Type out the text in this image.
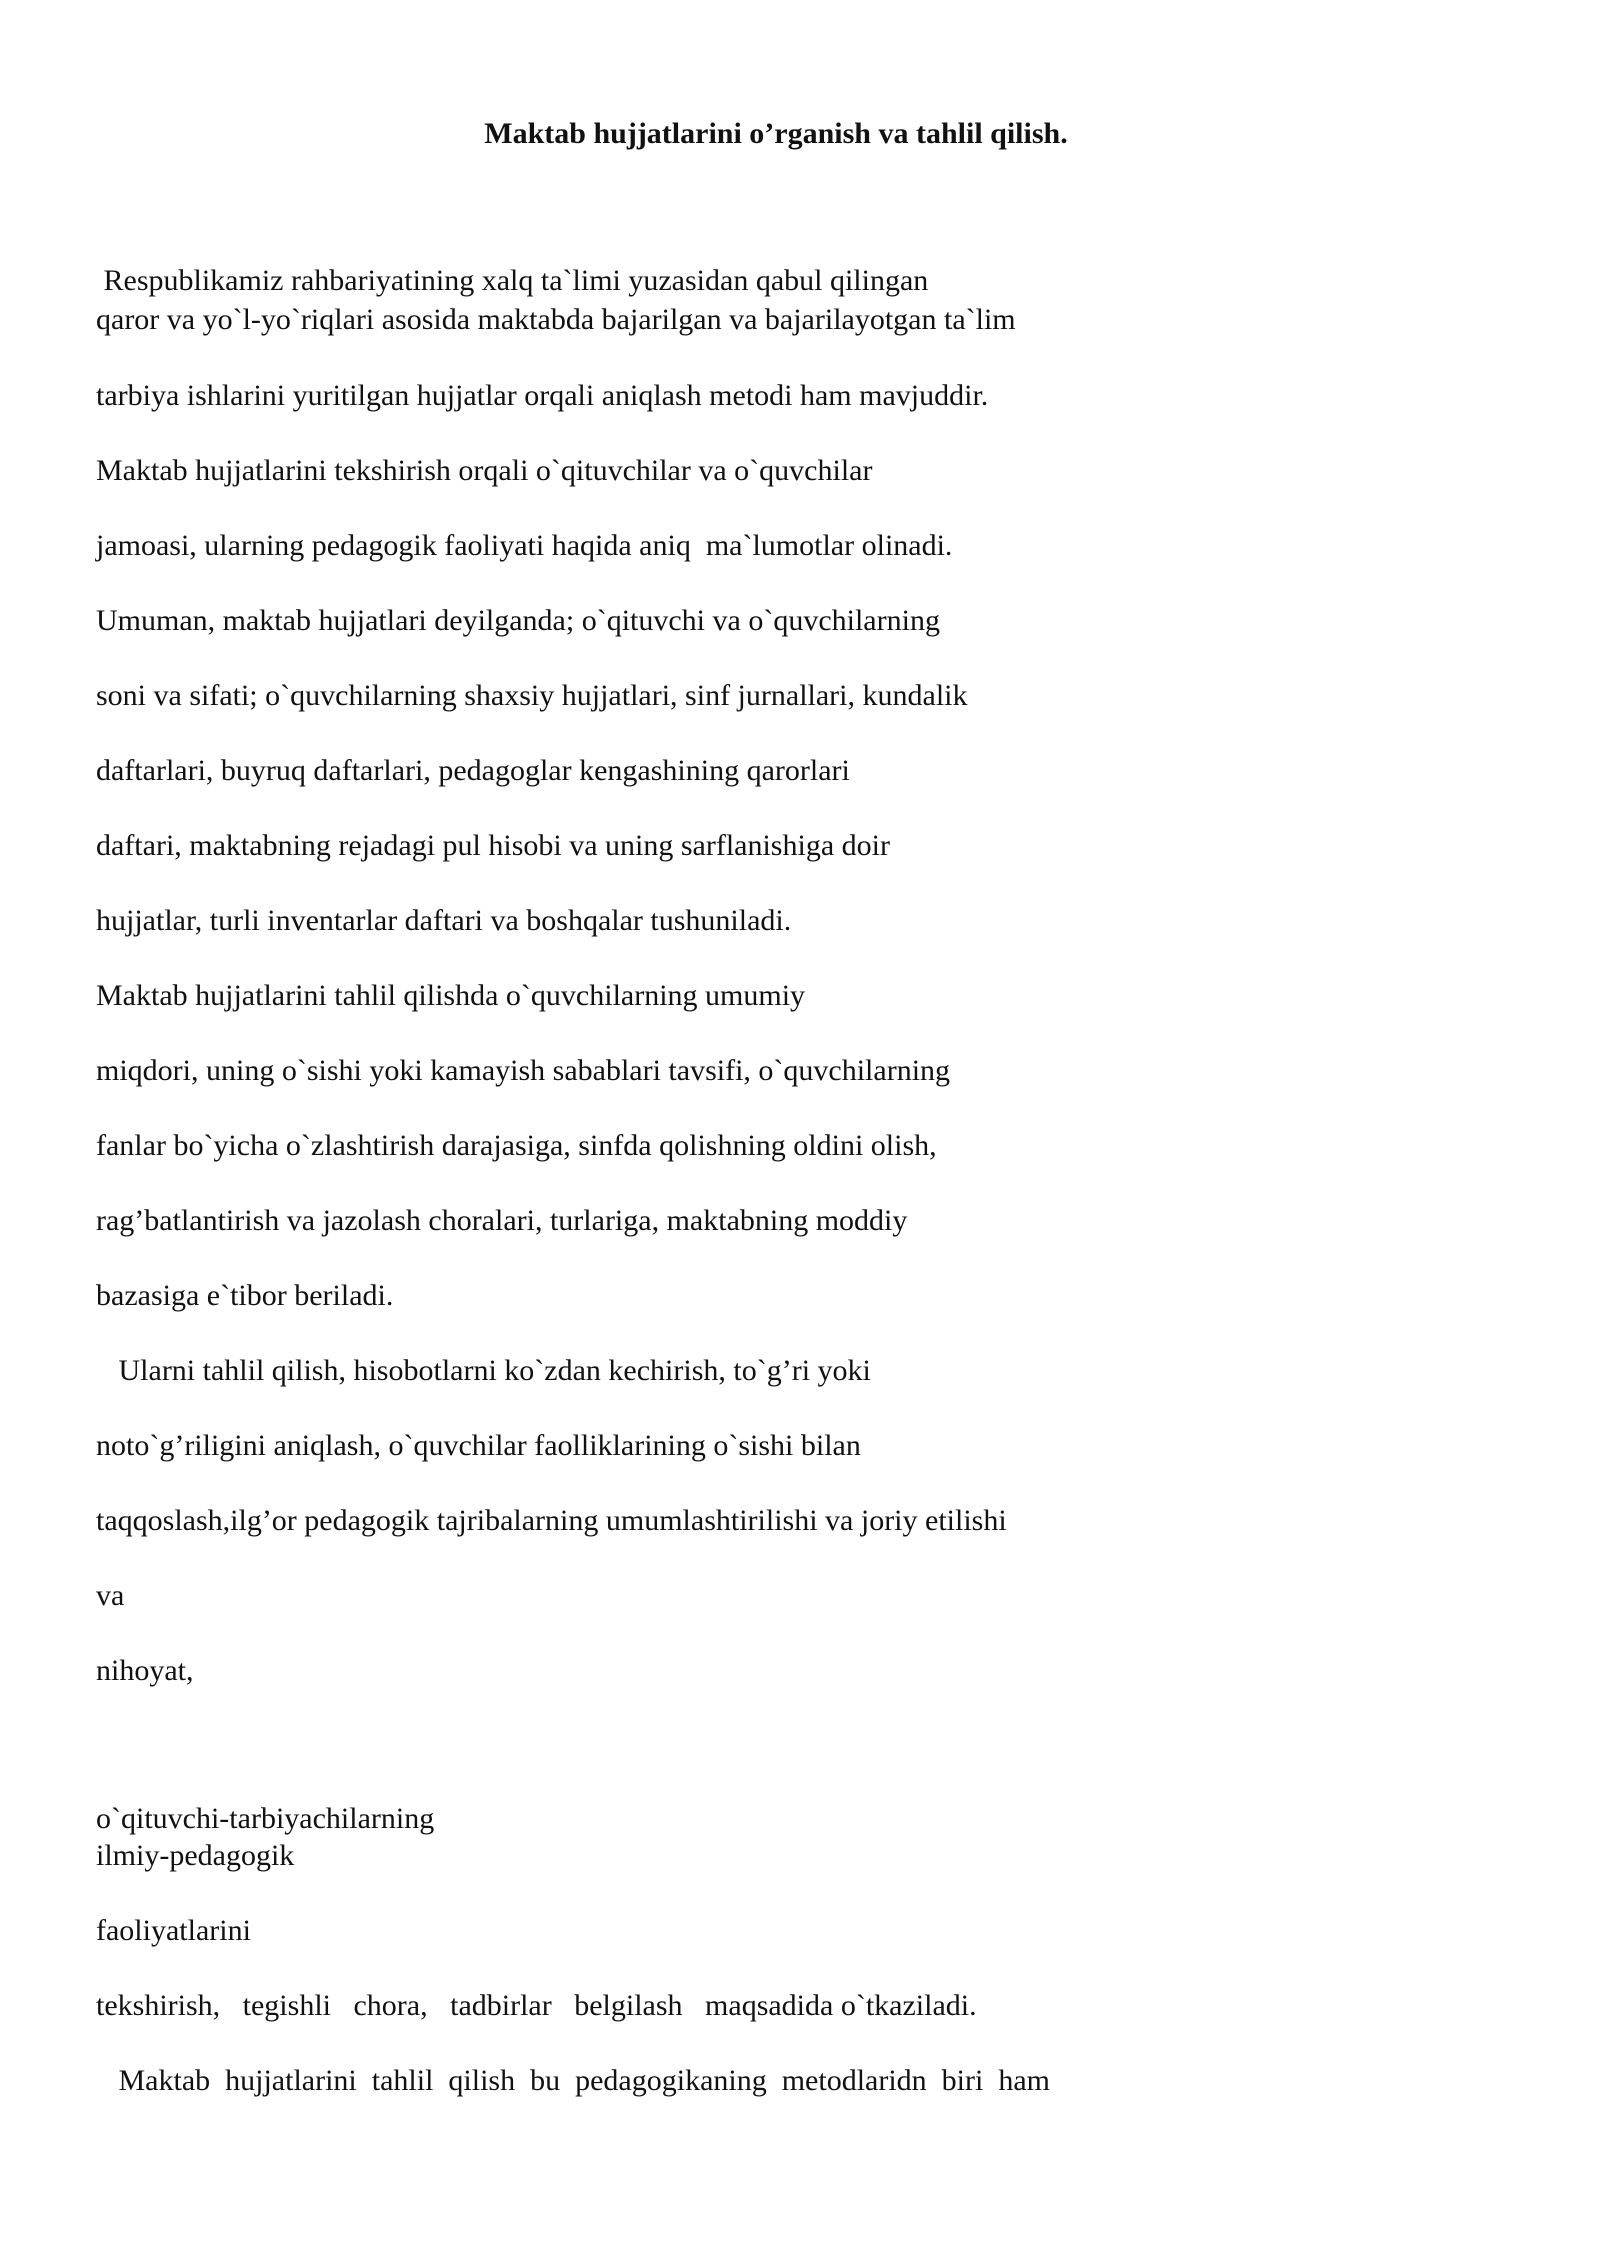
Maktab hujjatlarini o’rganish va tahlil qilish.
Respublikamiz rahbariyatining xalq ta`limi yuzasidan qabul qilingan
qaror va yo`l-yo`riqlari asosida maktabda bajarilgan va bajarilayotgan ta`lim
tarbiya ishlarini yuritilgan hujjatlar orqali aniqlash metodi ham mavjuddir.
Maktab hujjatlarini tekshirish orqali o`qituvchilar va o`quvchilar
jamoasi, ularning pedagogik faoliyati haqida aniq  ma`lumotlar olinadi.
Umuman, maktab hujjatlari deyilganda; o`qituvchi va o`quvchilarning
soni va sifati; o`quvchilarning shaxsiy hujjatlari, sinf jurnallari, kundalik
daftarlari, buyruq daftarlari, pedagoglar kengashining qarorlari
daftari, maktabning rejadagi pul hisobi va uning sarflanishiga doir
hujjatlar, turli inventarlar daftari va boshqalar tushuniladi.
Maktab hujjatlarini tahlil qilishda o`quvchilarning umumiy
miqdori, uning o`sishi yoki kamayish sabablari tavsifi, o`quvchilarning
fanlar bo`yicha o`zlashtirish darajasiga, sinfda qolishning oldini olish,
rag’batlantirish va jazolash choralari, turlariga, maktabning moddiy
bazasiga e`tibor beriladi.
Ularni tahlil qilish, hisobotlarni ko`zdan kechirish, to`g’ri yoki
noto`g’riligini aniqlash, o`quvchilar faolliklarining o`sishi bilan
taqqoslash,ilg’or pedagogik tajribalarning umumlashtirilishi va joriy etilishi
va
nihoyat,
o`qituvchi-tarbiyachilarning
ilmiy-pedagogik
faoliyatlarini
tekshirish,   tegishli   chora,   tadbirlar   belgilash   maqsadida o`tkaziladi.
Maktab  hujjatlarini  tahlil  qilish  bu  pedagogikaning  metodlaridn  biri  ham
